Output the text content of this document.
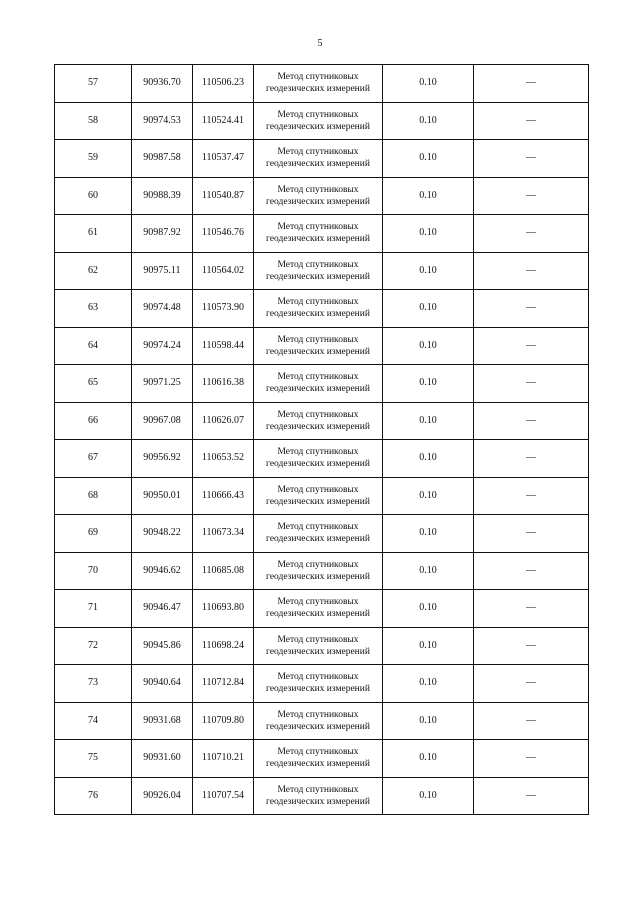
5
57	90936.70	110506.23	Метод спутниковых геодезических измерений	0.10	—
58	90974.53	110524.41	Метод спутниковых геодезических измерений	0.10	—
59	90987.58	110537.47	Метод спутниковых геодезических измерений	0.10	—
60	90988.39	110540.87	Метод спутниковых геодезических измерений	0.10	—
61	90987.92	110546.76	Метод спутниковых геодезических измерений	0.10	—
62	90975.11	110564.02	Метод спутниковых геодезических измерений	0.10	—
63	90974.48	110573.90	Метод спутниковых геодезических измерений	0.10	—
64	90974.24	110598.44	Метод спутниковых геодезических измерений	0.10	—
65	90971.25	110616.38	Метод спутниковых геодезических измерений	0.10	—
66	90967.08	110626.07	Метод спутниковых геодезических измерений	0.10	—
67	90956.92	110653.52	Метод спутниковых геодезических измерений	0.10	—
68	90950.01	110666.43	Метод спутниковых геодезических измерений	0.10	—
69	90948.22	110673.34	Метод спутниковых геодезических измерений	0.10	—
70	90946.62	110685.08	Метод спутниковых геодезических измерений	0.10	—
71	90946.47	110693.80	Метод спутниковых геодезических измерений	0.10	—
72	90945.86	110698.24	Метод спутниковых геодезических измерений	0.10	—
73	90940.64	110712.84	Метод спутниковых геодезических измерений	0.10	—
74	90931.68	110709.80	Метод спутниковых геодезических измерений	0.10	—
75	90931.60	110710.21	Метод спутниковых геодезических измерений	0.10	—
76	90926.04	110707.54	Метод спутниковых геодезических измерений	0.10	—
